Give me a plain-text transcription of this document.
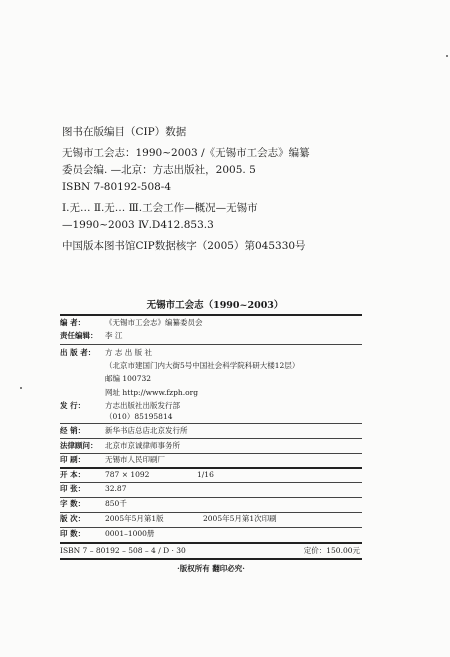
图书在版编目（CIP）数据
无锡市工会志：1990~2003 /《无锡市工会志》编纂
委员会编. —北京：方志出版社，2005. 5
ISBN 7-80192-508-4
Ⅰ.无… Ⅱ.无… Ⅲ.工会工作—概况—无锡市
—1990~2003 Ⅳ.D412.853.3
中国版本图书馆CIP数据核字（2005）第045330号
无锡市工会志（1990~2003）
编 者：	《无锡市工会志》编纂委员会
责任编辑： 李 江
出 版 者： 方 志 出 版 社
（北京市建国门内大街5号中国社会科学院科研大楼12层）
邮编 100732
网址 http://www.fzph.org
发 行：	方志出版社出版发行部
（010）85195814
经 销：	新华书店总店北京发行所
法律顾问： 北京市京诚律师事务所
印 刷：	无锡市人民印刷厂
开 本：	787 × 1092	1/16
印 张：	32.87
字 数：	850千
版 次：	2005年5月第1版	2005年5月第1次印刷
印 数：	0001–1000册
ISBN 7 – 80192 – 508 – 4 / D · 30	定价：150.00元
·版权所有 翻印必究·
